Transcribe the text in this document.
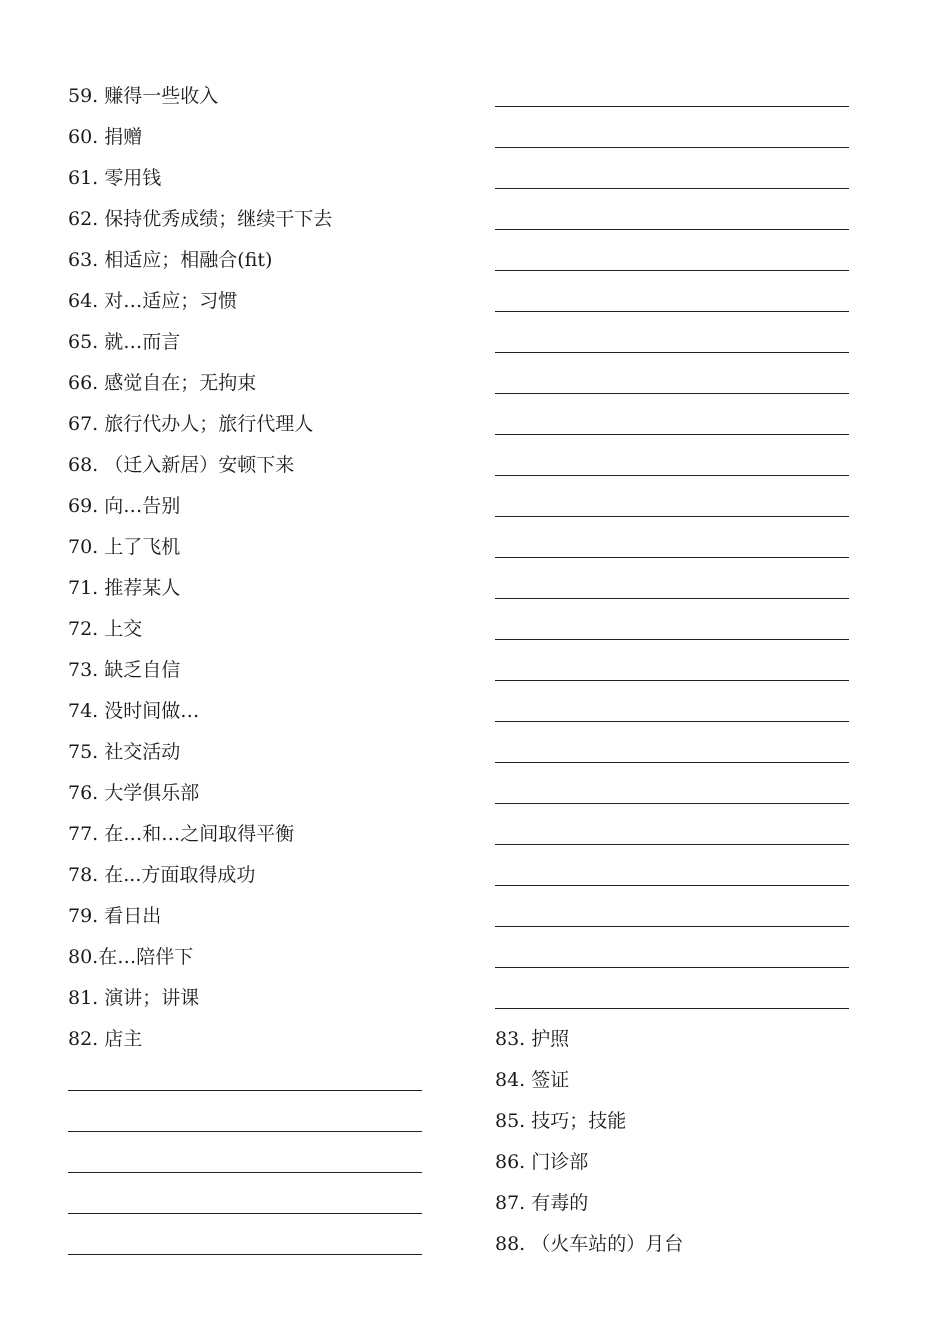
59. 赚得一些收入
60. 捐赠
61. 零用钱
62. 保持优秀成绩；继续干下去
63. 相适应；相融合(fit)
64. 对…适应；习惯
65. 就…而言
66. 感觉自在；无拘束
67. 旅行代办人；旅行代理人
68. （迁入新居）安顿下来
69. 向…告别
70. 上了飞机
71. 推荐某人
72. 上交
73. 缺乏自信
74. 没时间做…
75. 社交活动
76. 大学俱乐部
77. 在…和…之间取得平衡
78. 在...方面取得成功
79. 看日出
80.在…陪伴下
81. 演讲；讲课
82. 店主	83. 护照
84. 签证
85. 技巧；技能
86. 门诊部
87. 有毒的
88. （火车站的）月台
